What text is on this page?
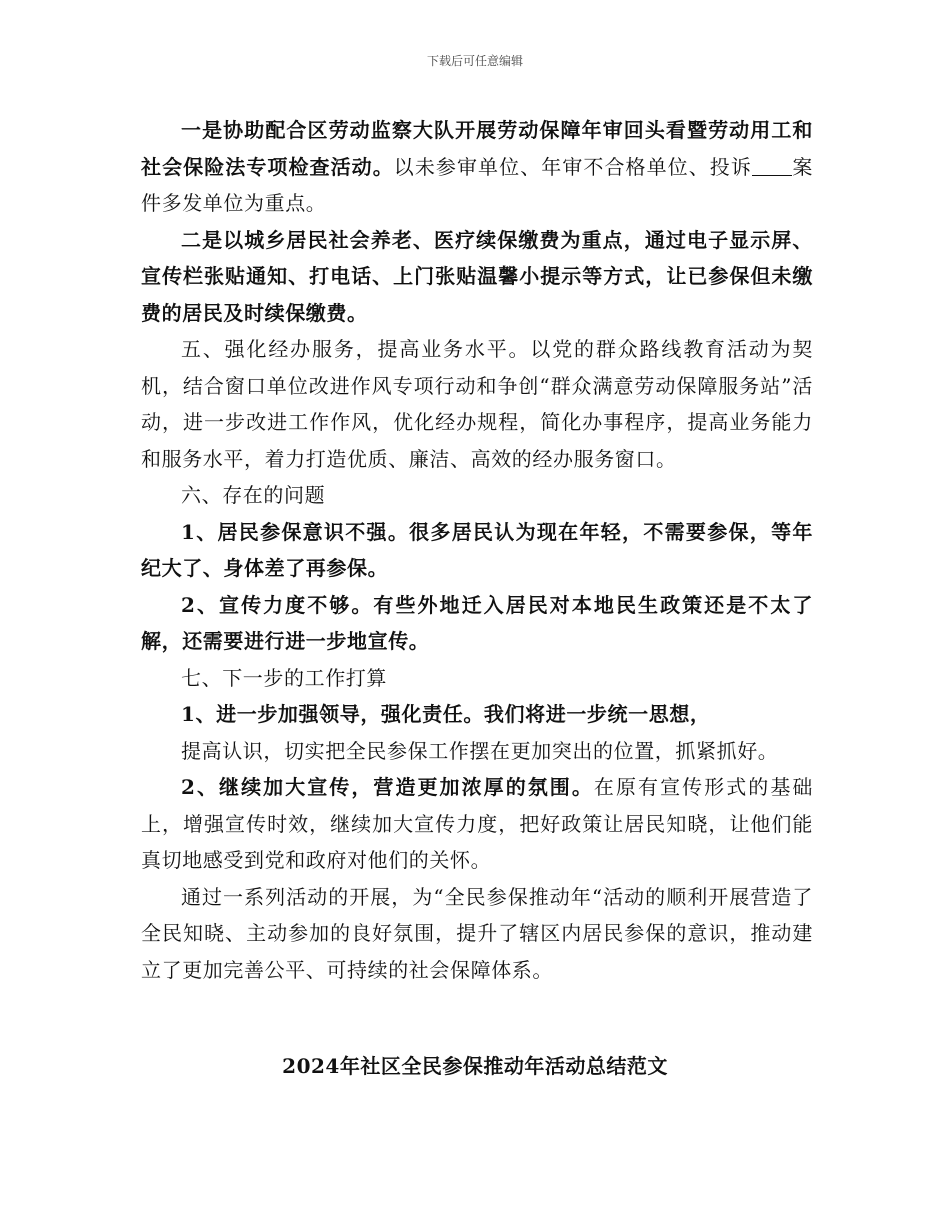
下载后可任意编辑

一是协助配合区劳动监察大队开展劳动保障年审回头看暨劳动用工和社会保险法专项检查活动。以未参审单位、年审不合格单位、投诉 案件多发单位为重点。

二是以城乡居民社会养老、医疗续保缴费为重点，通过电子显示屏、宣传栏张贴通知、打电话、上门张贴温馨小提示等方式，让已参保但未缴费的居民及时续保缴费。

五、强化经办服务，提高业务水平。以党的群众路线教育活动为契机，结合窗口单位改进作风专项行动和争创“群众满意劳动保障服务站”活动，进一步改进工作作风，优化经办规程，简化办事程序，提高业务能力和服务水平，着力打造优质、廉洁、高效的经办服务窗口。

六、存在的问题

1、居民参保意识不强。很多居民认为现在年轻，不需要参保，等年纪大了、身体差了再参保。

2、宣传力度不够。有些外地迁入居民对本地民生政策还是不太了解，还需要进行进一步地宣传。

七、下一步的工作打算

1、进一步加强领导，强化责任。我们将进一步统一思想，

提高认识，切实把全民参保工作摆在更加突出的位置，抓紧抓好。

2、继续加大宣传，营造更加浓厚的氛围。在原有宣传形式的基础上，增强宣传时效，继续加大宣传力度，把好政策让居民知晓，让他们能真切地感受到党和政府对他们的关怀。

通过一系列活动的开展，为“全民参保推动年“活动的顺利开展营造了全民知晓、主动参加的良好氛围，提升了辖区内居民参保的意识，推动建立了更加完善公平、可持续的社会保障体系。

2024年社区全民参保推动年活动总结范文
